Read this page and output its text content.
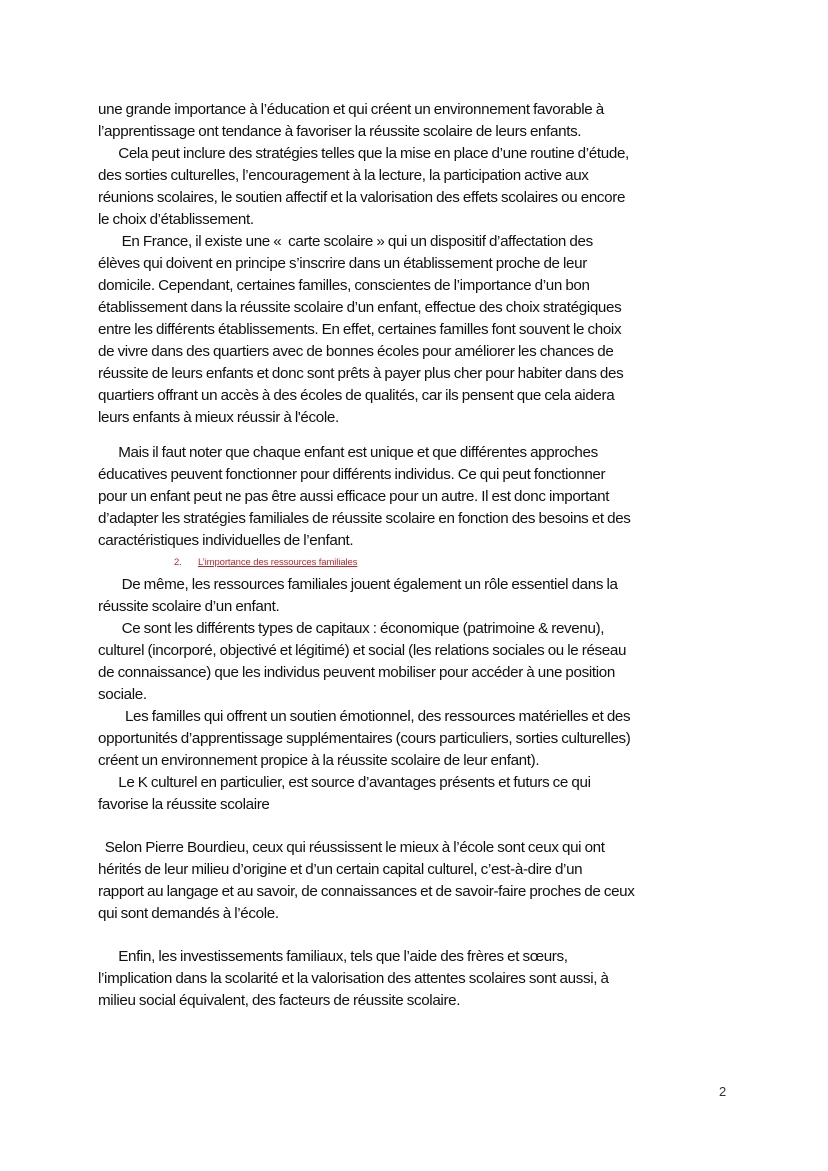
une grande importance à l’éducation et qui créent un environnement favorable à
l’apprentissage ont tendance à favoriser la réussite scolaire de leurs enfants.
Cela peut inclure des stratégies telles que la mise en place d’une routine d’étude,
des sorties culturelles, l’encouragement à la lecture, la participation active aux
réunions scolaires, le soutien affectif et la valorisation des effets scolaires ou encore
le choix d’établissement.
En France, il existe une «  carte scolaire » qui un dispositif d’affectation des
élèves qui doivent en principe s’inscrire dans un établissement proche de leur
domicile. Cependant, certaines familles, conscientes de l’importance d’un bon
établissement dans la réussite scolaire d’un enfant, effectue des choix stratégiques
entre les différents établissements. En effet, certaines familles font souvent le choix
de vivre dans des quartiers avec de bonnes écoles pour améliorer les chances de
réussite de leurs enfants et donc sont prêts à payer plus cher pour habiter dans des
quartiers offrant un accès à des écoles de qualités, car ils pensent que cela aidera
leurs enfants à mieux réussir à l'école.
Mais il faut noter que chaque enfant est unique et que différentes approches
éducatives peuvent fonctionner pour différents individus. Ce qui peut fonctionner
pour un enfant peut ne pas être aussi efficace pour un autre. Il est donc important
d’adapter les stratégies familiales de réussite scolaire en fonction des besoins et des
caractéristiques individuelles de l’enfant.
2. L’importance des ressources familiales
De même, les ressources familiales jouent également un rôle essentiel dans la
réussite scolaire d’un enfant.
Ce sont les différents types de capitaux : économique (patrimoine & revenu),
culturel (incorporé, objectivé et légitimé) et social (les relations sociales ou le réseau
de connaissance) que les individus peuvent mobiliser pour accéder à une position
sociale.
Les familles qui offrent un soutien émotionnel, des ressources matérielles et des
opportunités d’apprentissage supplémentaires (cours particuliers, sorties culturelles)
créent un environnement propice à la réussite scolaire de leur enfant).
Le K culturel en particulier, est source d’avantages présents et futurs ce qui
favorise la réussite scolaire
Selon Pierre Bourdieu, ceux qui réussissent le mieux à l’école sont ceux qui ont
hérités de leur milieu d’origine et d’un certain capital culturel, c’est-à-dire d’un
rapport au langage et au savoir, de connaissances et de savoir-faire proches de ceux
qui sont demandés à l’école.
Enfin, les investissements familiaux, tels que l’aide des frères et sœurs,
l’implication dans la scolarité et la valorisation des attentes scolaires sont aussi, à
milieu social équivalent, des facteurs de réussite scolaire.
2
